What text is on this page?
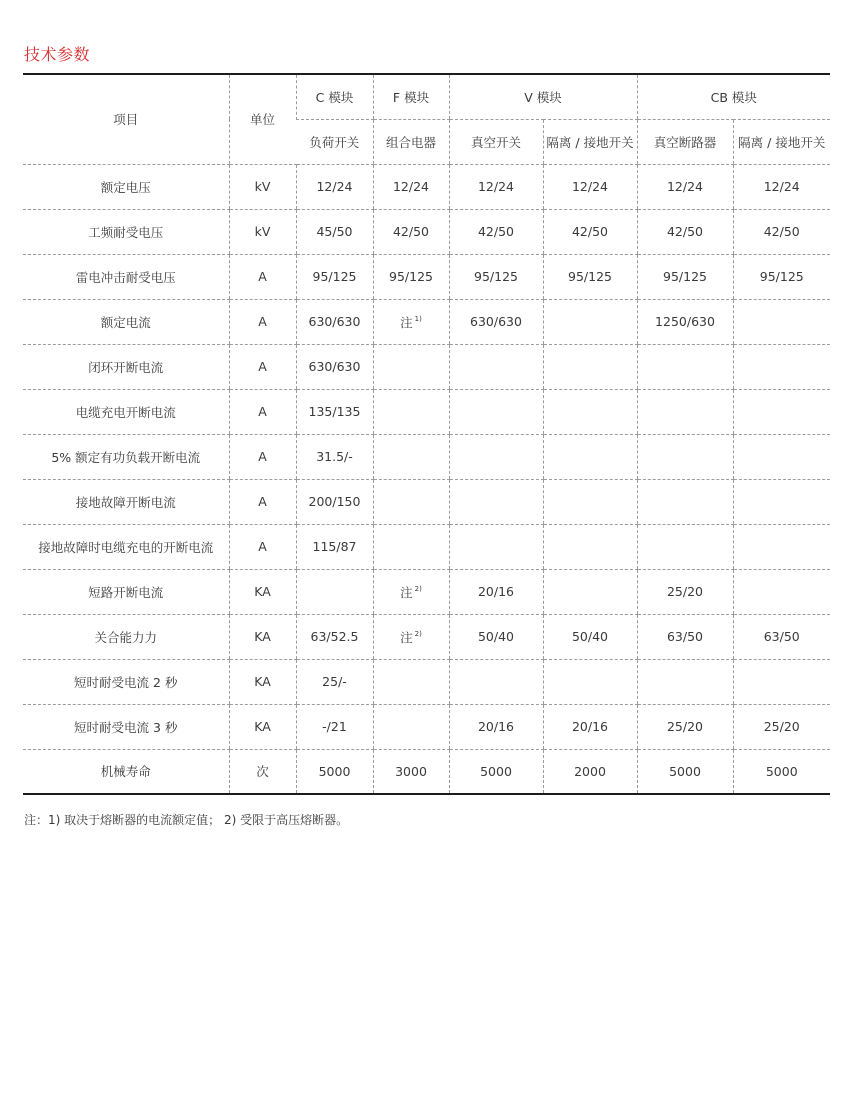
技术参数
项目	单位	C 模块	F 模块	V 模块		CB 模块	
		负荷开关	组合电器	真空开关	隔离 / 接地开关	真空断路器	隔离 / 接地开关
额定电压	kV	12/24	12/24	12/24	12/24	12/24	12/24
工频耐受电压	kV	45/50	42/50	42/50	42/50	42/50	42/50
雷电冲击耐受电压	A	95/125	95/125	95/125	95/125	95/125	95/125
额定电流	A	630/630	注 $^{1)}$	630/630		1250/630	
闭环开断电流	A	630/630					
电缆充电开断电流	A	135/135					
5% 额定有功负载开断电流	A	31.5/-					
接地故障开断电流	A	200/150					
接地故障时电缆充电的开断电流	A	115/87					
短路开断电流	KA		注 $^{2)}$	20/16		25/20	
关合能力力	KA	63/52.5	注 $^{2)}$	50/40	50/40	63/50	63/50
短时耐受电流 2 秒	KA	25/-					
短时耐受电流 3 秒	KA	-/21		20/16	20/16	25/20	25/20
机械寿命	次	5000	3000	5000	2000	5000	5000
注：1) 取决于熔断器的电流额定值； 2) 受限于高压熔断器。
